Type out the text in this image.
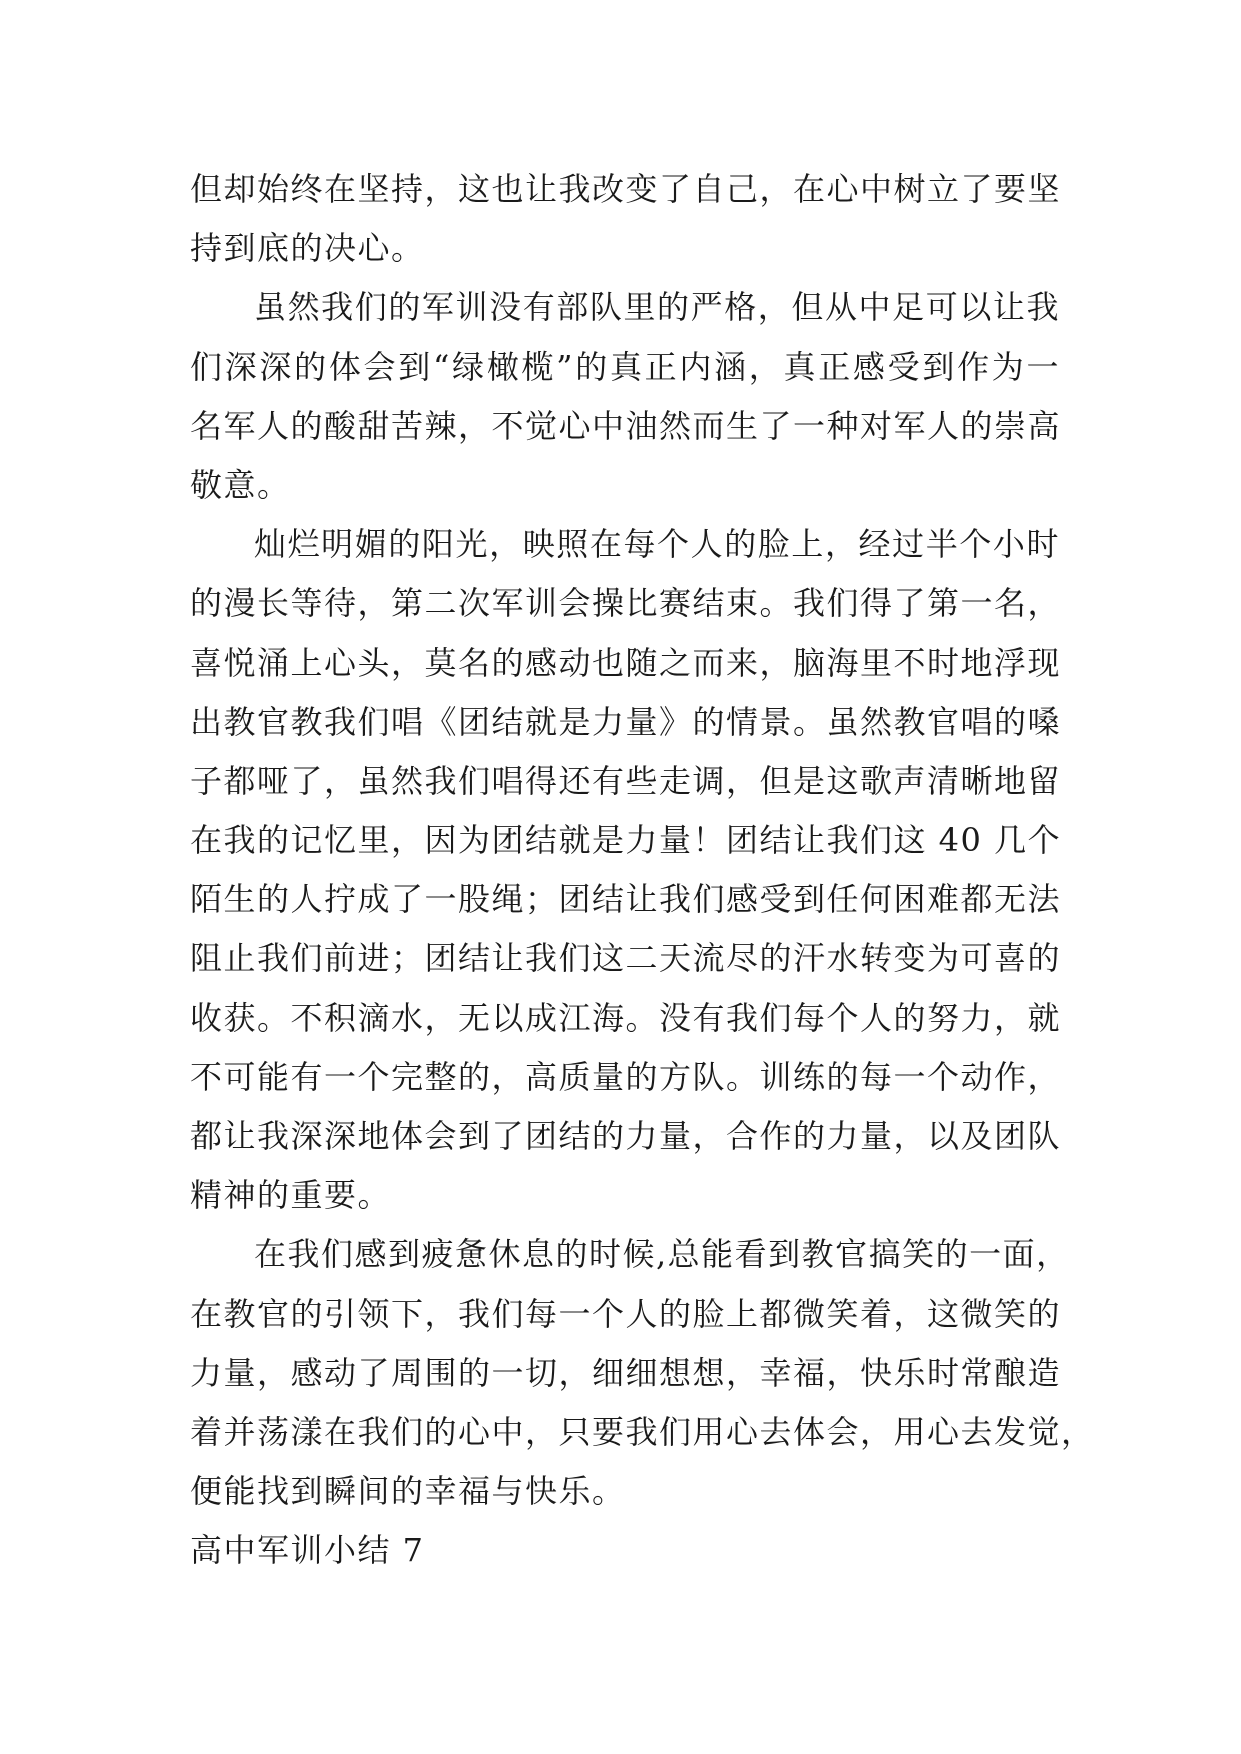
但却始终在坚持，这也让我改变了自己，在心中树立了要坚
持到底的决心。
虽然我们的军训没有部队里的严格，但从中足可以让我
们深深的体会到“绿橄榄”的真正内涵，真正感受到作为一
名军人的酸甜苦辣，不觉心中油然而生了一种对军人的崇高
敬意。
灿烂明媚的阳光，映照在每个人的脸上，经过半个小时
的漫长等待，第二次军训会操比赛结束。我们得了第一名，
喜悦涌上心头，莫名的感动也随之而来，脑海里不时地浮现
出教官教我们唱《团结就是力量》的情景。虽然教官唱的嗓
子都哑了，虽然我们唱得还有些走调，但是这歌声清晰地留
在我的记忆里，因为团结就是力量！团结让我们这 40 几个
陌生的人拧成了一股绳；团结让我们感受到任何困难都无法
阻止我们前进；团结让我们这二天流尽的汗水转变为可喜的
收获。不积滴水，无以成江海。没有我们每个人的努力，就
不可能有一个完整的，高质量的方队。训练的每一个动作，
都让我深深地体会到了团结的力量，合作的力量，以及团队
精神的重要。
在我们感到疲惫休息的时候,总能看到教官搞笑的一面，
在教官的引领下，我们每一个人的脸上都微笑着，这微笑的
力量，感动了周围的一切，细细想想，幸福，快乐时常酿造
着并荡漾在我们的心中，只要我们用心去体会，用心去发觉，
便能找到瞬间的幸福与快乐。
高中军训小结 7
